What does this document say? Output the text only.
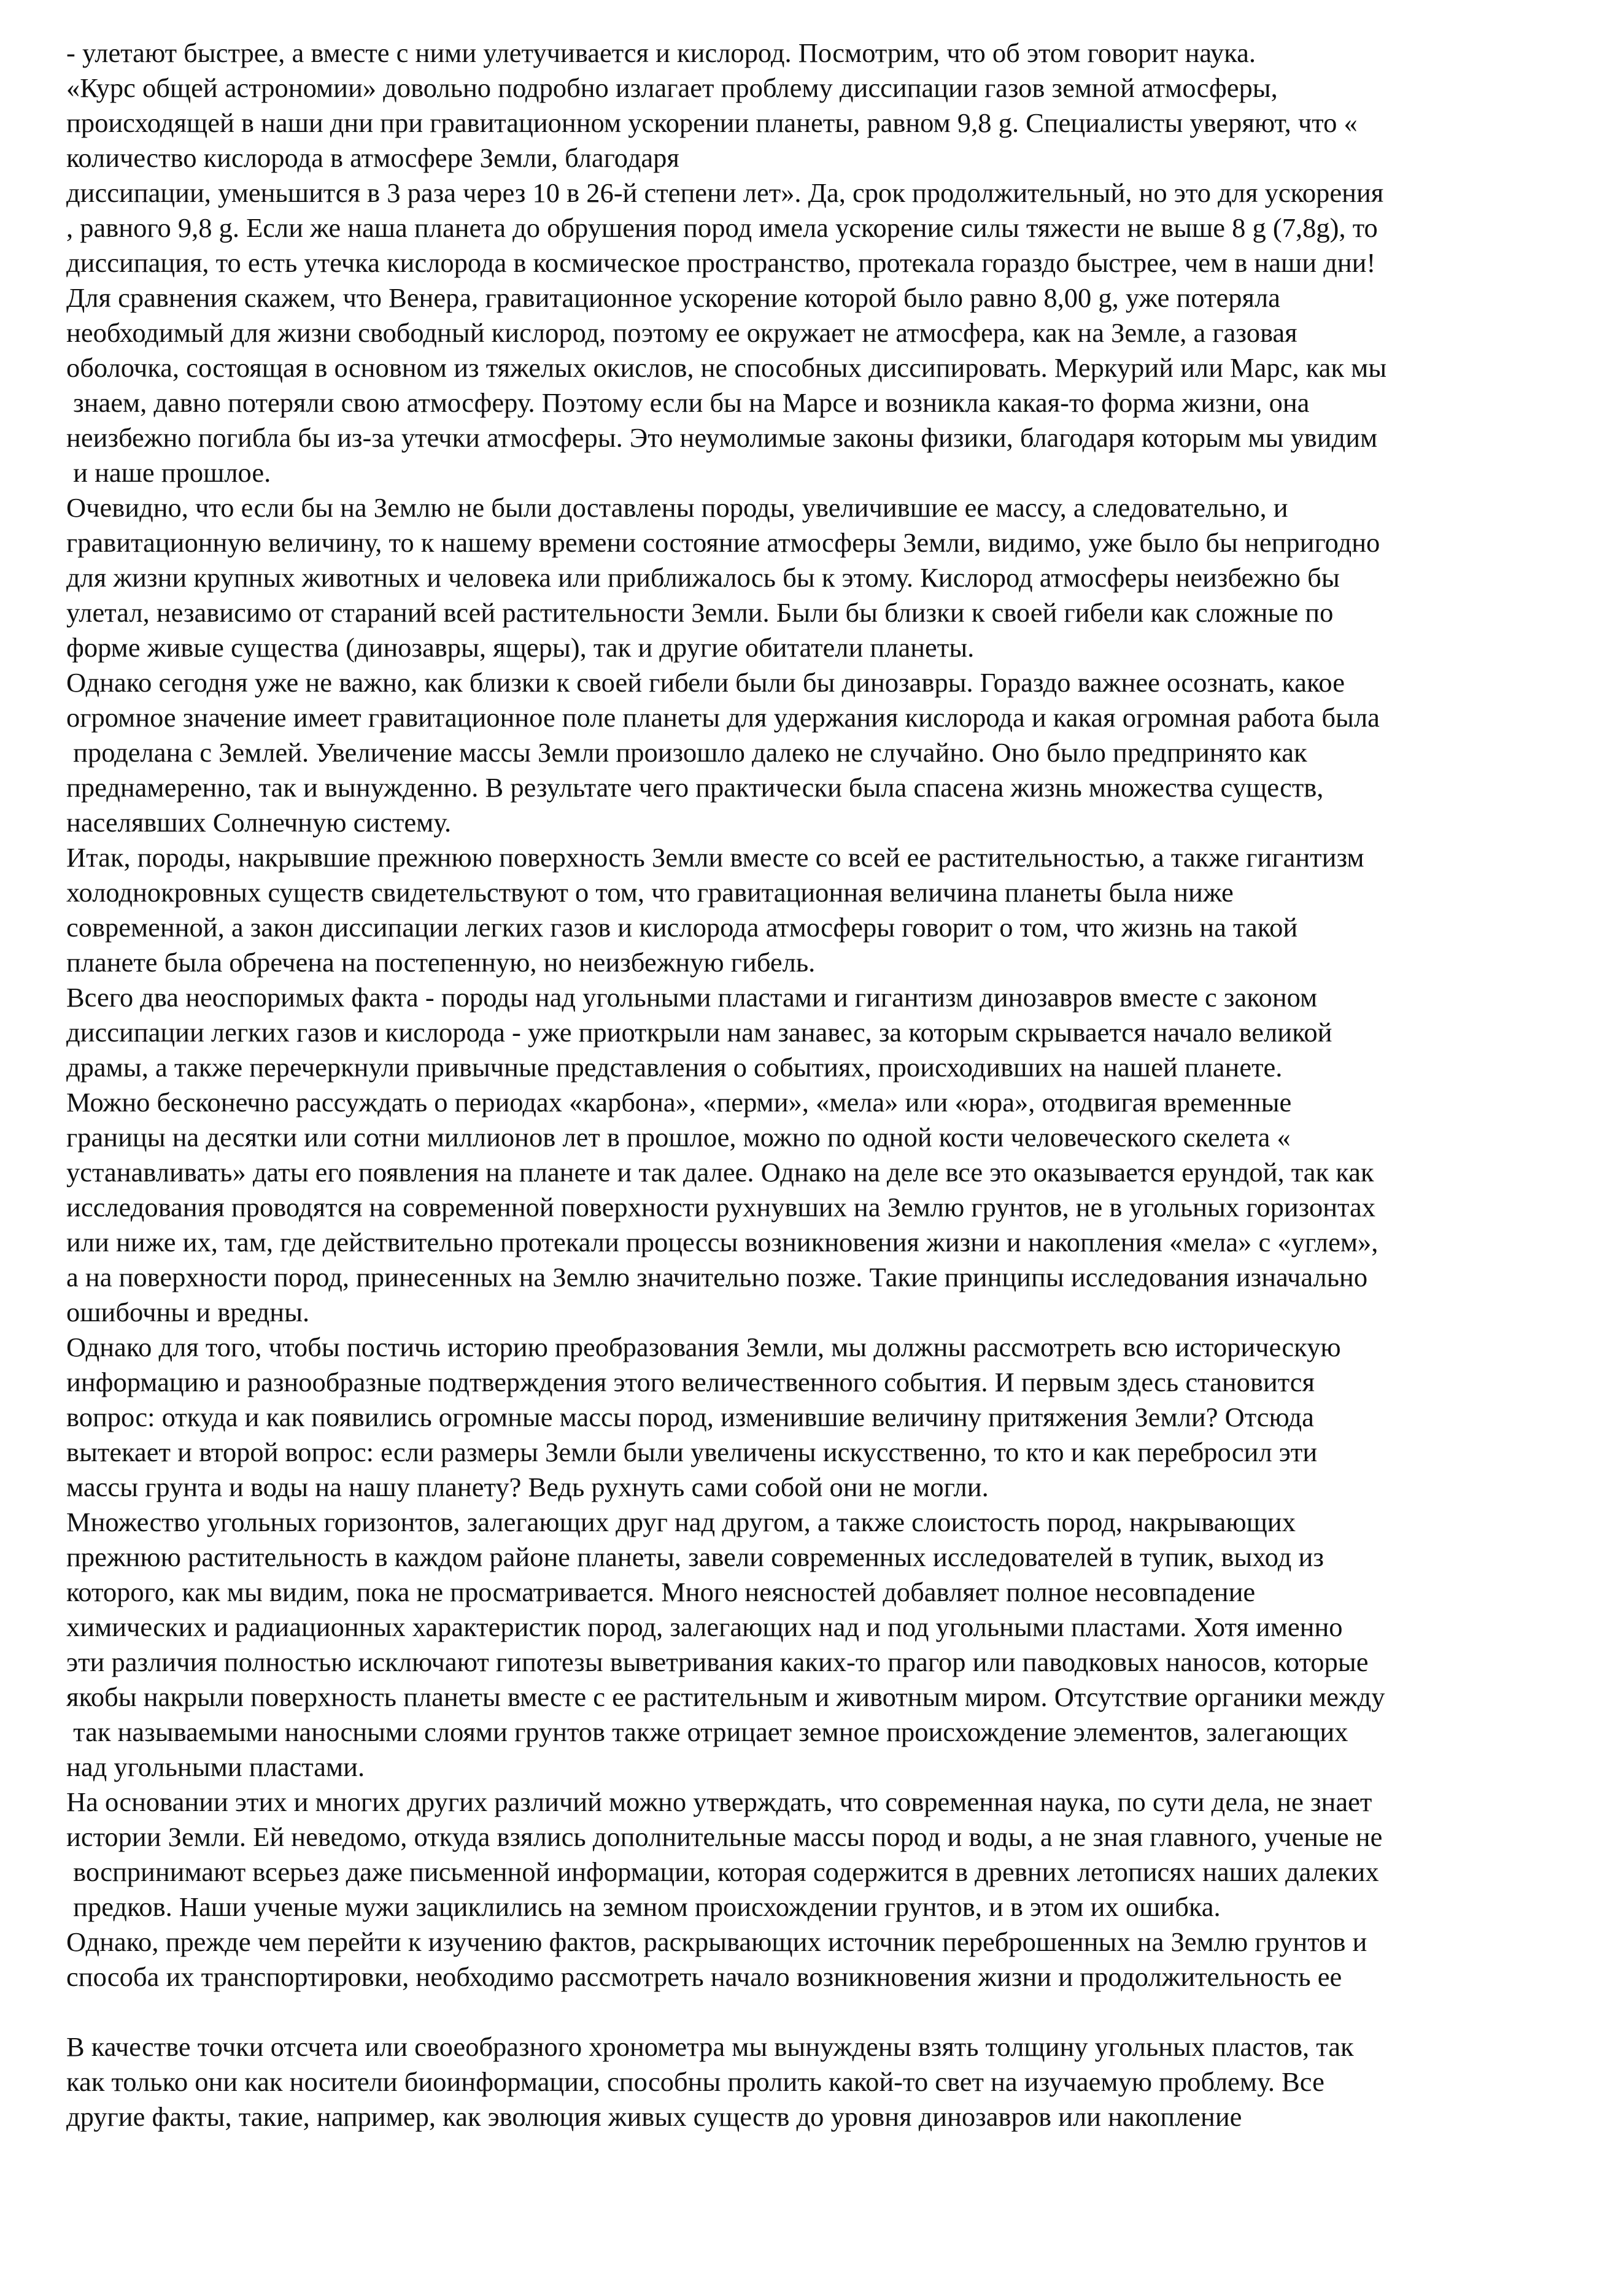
- улетают быстрее, а вместе с ними улетучивается и кислород. Посмотрим, что об этом говорит наука.
«Курс общей астрономии» довольно подробно излагает проблему диссипации газов земной атмосферы,
происходящей в наши дни при гравитационном ускорении планеты, равном 9,8 g. Специалисты уверяют, что «
количество кислорода в атмосфере Земли, благодаря
диссипации, уменьшится в 3 раза через 10 в 26-й степени лет». Да, срок продолжительный, но это для ускорения
, равного 9,8 g. Если же наша планета до обрушения пород имела ускорение силы тяжести не выше 8 g (7,8g), то
диссипация, то есть утечка кислорода в космическое пространство, протекала гораздо быстрее, чем в наши дни!
Для сравнения скажем, что Венера, гравитационное ускорение которой было равно 8,00 g, уже потеряла
необходимый для жизни свободный кислород, поэтому ее окружает не атмосфера, как на Земле, а газовая
оболочка, состоящая в основном из тяжелых окислов, не способных диссипировать. Меркурий или Марс, как мы
знаем, давно потеряли свою атмосферу. Поэтому если бы на Марсе и возникла какая-то форма жизни, она
неизбежно погибла бы из-за утечки атмосферы. Это неумолимые законы физики, благодаря которым мы увидим
и наше прошлое.
Очевидно, что если бы на Землю не были доставлены породы, увеличившие ее массу, а следовательно, и
гравитационную величину, то к нашему времени состояние атмосферы Земли, видимо, уже было бы непригодно
для жизни крупных животных и человека или приближалось бы к этому. Кислород атмосферы неизбежно бы
улетал, независимо от стараний всей растительности Земли. Были бы близки к своей гибели как сложные по
форме живые существа (динозавры, ящеры), так и другие обитатели планеты.
Однако сегодня уже не важно, как близки к своей гибели были бы динозавры. Гораздо важнее осознать, какое
огромное значение имеет гравитационное поле планеты для удержания кислорода и какая огромная работа была
проделана с Землей. Увеличение массы Земли произошло далеко не случайно. Оно было предпринято как
преднамеренно, так и вынужденно. В результате чего практически была спасена жизнь множества существ,
населявших Солнечную систему.
Итак, породы, накрывшие прежнюю поверхность Земли вместе со всей ее растительностью, а также гигантизм
холоднокровных существ свидетельствуют о том, что гравитационная величина планеты была ниже
современной, а закон диссипации легких газов и кислорода атмосферы говорит о том, что жизнь на такой
планете была обречена на постепенную, но неизбежную гибель.
Всего два неоспоримых факта - породы над угольными пластами и гигантизм динозавров вместе с законом
диссипации легких газов и кислорода - уже приоткрыли нам занавес, за которым скрывается начало великой
драмы, а также перечеркнули привычные представления о событиях, происходивших на нашей планете.
Можно бесконечно рассуждать о периодах «карбона», «перми», «мела» или «юра», отодвигая временные
границы на десятки или сотни миллионов лет в прошлое, можно по одной кости человеческого скелета «
устанавливать» даты его появления на планете и так далее. Однако на деле все это оказывается ерундой, так как
исследования проводятся на современной поверхности рухнувших на Землю грунтов, не в угольных горизонтах
или ниже их, там, где действительно протекали процессы возникновения жизни и накопления «мела» с «углем»,
а на поверхности пород, принесенных на Землю значительно позже. Такие принципы исследования изначально
ошибочны и вредны.
Однако для того, чтобы постичь историю преобразования Земли, мы должны рассмотреть всю историческую
информацию и разнообразные подтверждения этого величественного события. И первым здесь становится
вопрос: откуда и как появились огромные массы пород, изменившие величину притяжения Земли? Отсюда
вытекает и второй вопрос: если размеры Земли были увеличены искусственно, то кто и как перебросил эти
массы грунта и воды на нашу планету? Ведь рухнуть сами собой они не могли.
Множество угольных горизонтов, залегающих друг над другом, а также слоистость пород, накрывающих
прежнюю растительность в каждом районе планеты, завели современных исследователей в тупик, выход из
которого, как мы видим, пока не просматривается. Много неясностей добавляет полное несовпадение
химических и радиационных характеристик пород, залегающих над и под угольными пластами. Хотя именно
эти различия полностью исключают гипотезы выветривания каких-то прагор или паводковых наносов, которые
якобы накрыли поверхность планеты вместе с ее растительным и животным миром. Отсутствие органики между
так называемыми наносными слоями грунтов также отрицает земное происхождение элементов, залегающих
над угольными пластами.
На основании этих и многих других различий можно утверждать, что современная наука, по сути дела, не знает
истории Земли. Ей неведомо, откуда взялись дополнительные массы пород и воды, а не зная главного, ученые не
воспринимают всерьез даже письменной информации, которая содержится в древних летописях наших далеких
предков. Наши ученые мужи зациклились на земном происхождении грунтов, и в этом их ошибка.
Однако, прежде чем перейти к изучению фактов, раскрывающих источник переброшенных на Землю грунтов и
способа их транспортировки, необходимо рассмотреть начало возникновения жизни и продолжительность ее
В качестве точки отсчета или своеобразного хронометра мы вынуждены взять толщину угольных пластов, так
как только они как носители биоинформации, способны пролить какой-то свет на изучаемую проблему. Все
другие факты, такие, например, как эволюция живых существ до уровня динозавров или накопление
